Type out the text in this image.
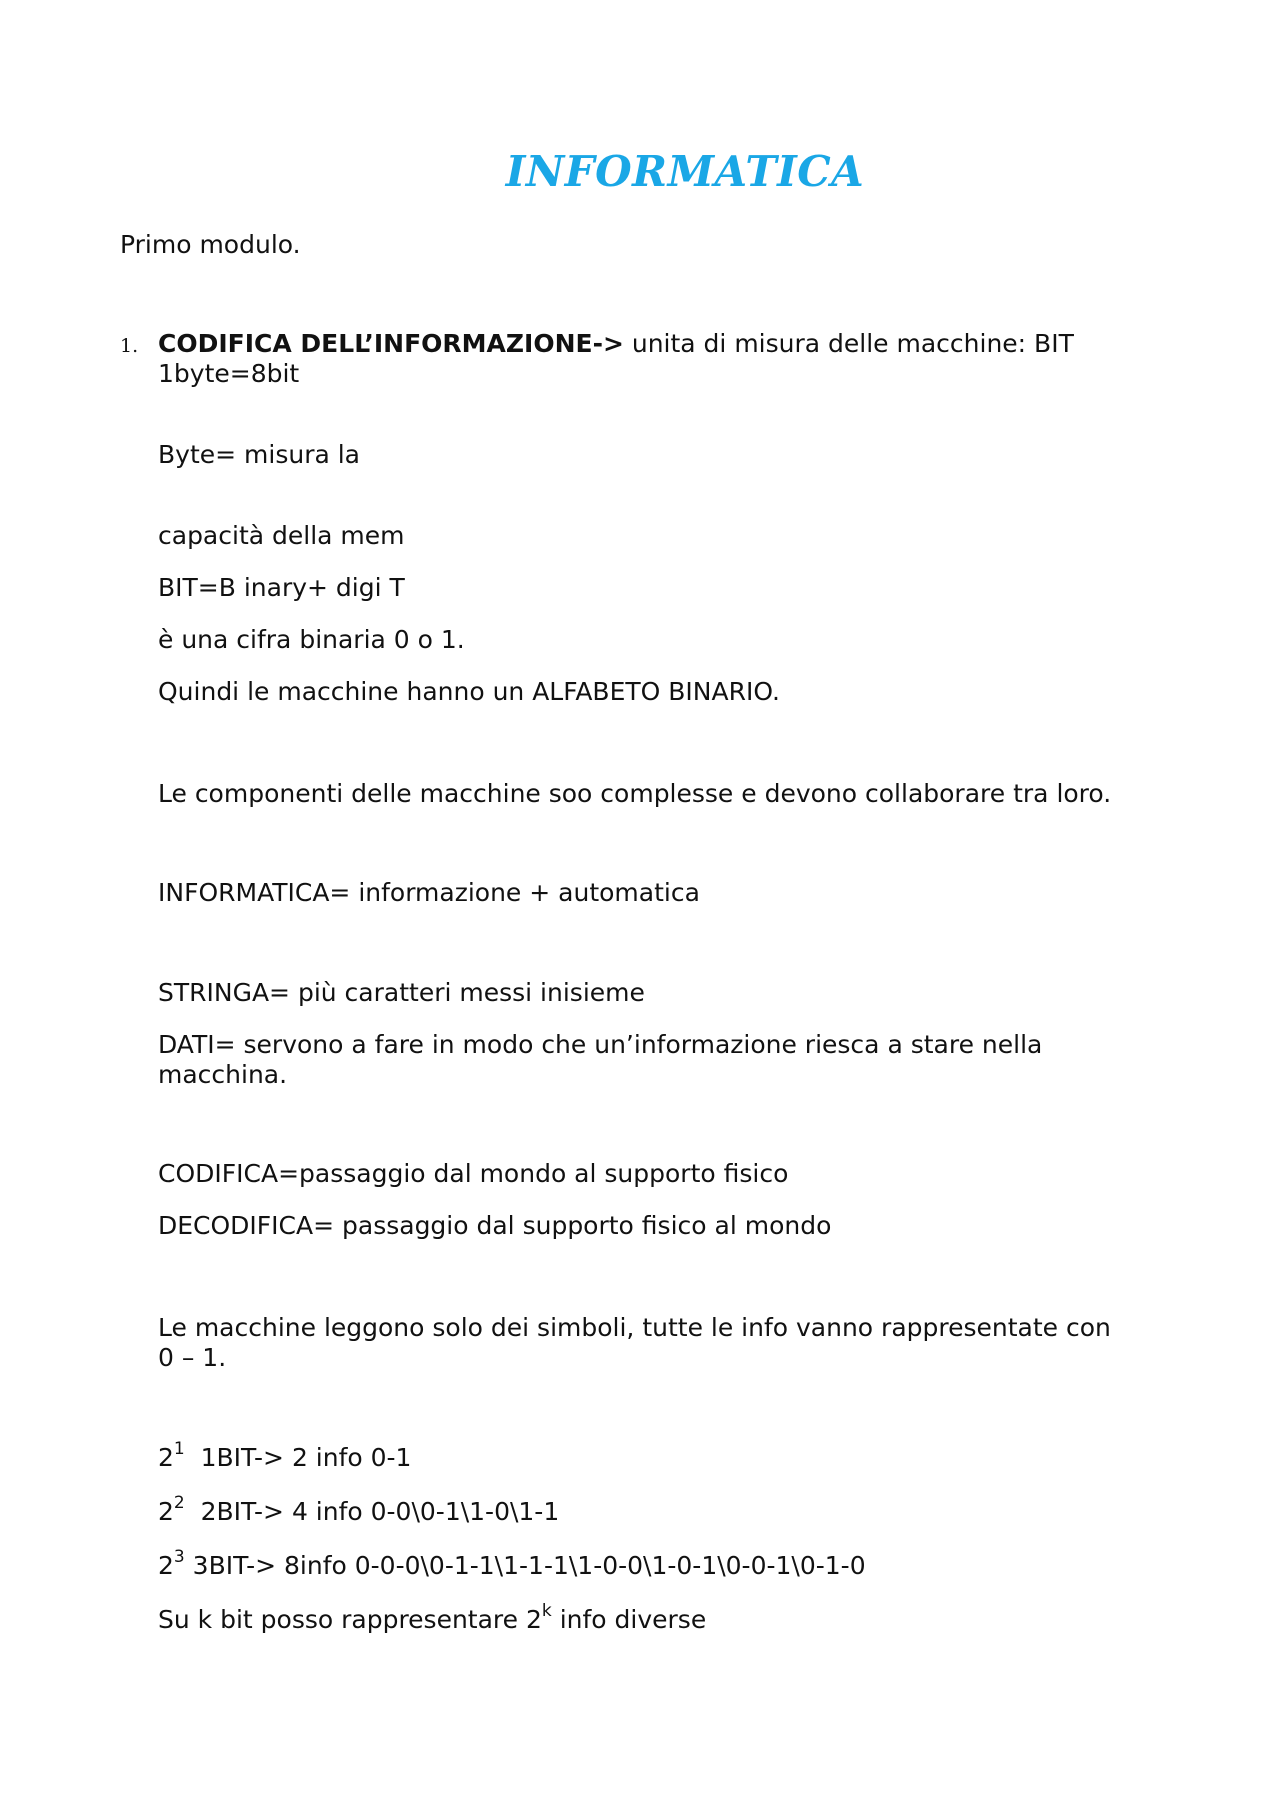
INFORMATICA
Primo modulo.
1. CODIFICA DELL’INFORMAZIONE-> unita di misura delle macchine: BIT
1byte=8bit
Byte= misura la
capacità della mem
BIT=B inary+ digi T
è una cifra binaria 0 o 1.
Quindi le macchine hanno un ALFABETO BINARIO.
Le componenti delle macchine soo complesse e devono collaborare tra loro.
INFORMATICA= informazione + automatica
STRINGA= più caratteri messi inisieme
DATI= servono a fare in modo che un’informazione riesca a stare nella
macchina.
CODIFICA=passaggio dal mondo al supporto fisico
DECODIFICA= passaggio dal supporto fisico al mondo
Le macchine leggono solo dei simboli, tutte le info vanno rappresentate con
0 – 1.
$2^1$  1BIT-> 2 info 0-1
$2^2$  2BIT-> 4 info 0-0\0-1\1-0\1-1
$2^3$ 3BIT-> 8info 0-0-0\0-1-1\1-1-1\1-0-0\1-0-1\0-0-1\0-1-0
Su k bit posso rappresentare 2$^k$ info diverse
